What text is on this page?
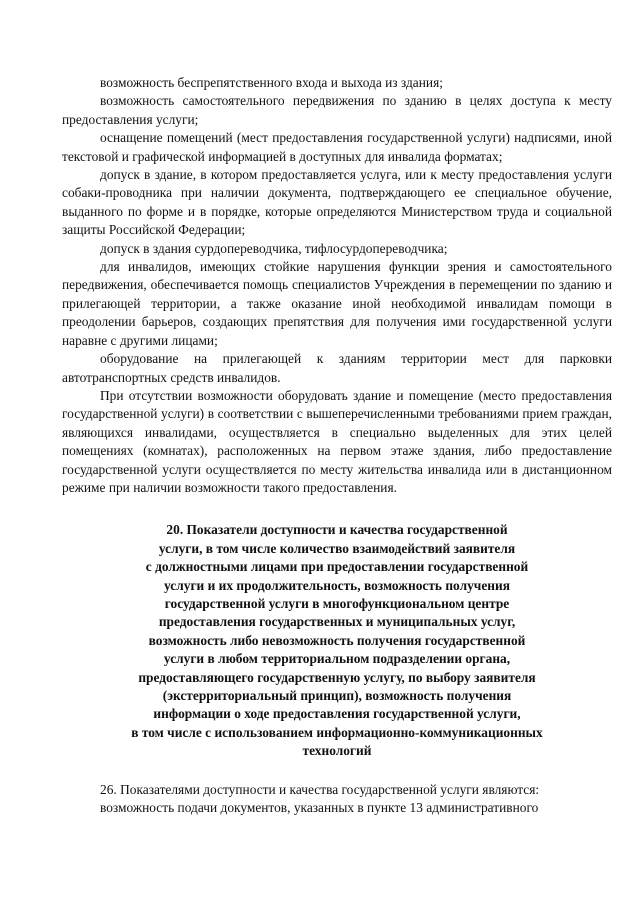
возможность беспрепятственного входа и выхода из здания;

возможность самостоятельного передвижения по зданию в целях доступа к месту предоставления услуги;

оснащение помещений (мест предоставления государственной услуги) надписями, иной текстовой и графической информацией в доступных для инвалида форматах;

допуск в здание, в котором предоставляется услуга, или к месту предоставления услуги собаки-проводника при наличии документа, подтверждающего ее специальное обучение, выданного по форме и в порядке, которые определяются Министерством труда и социальной защиты Российской Федерации;

допуск в здания сурдопереводчика, тифлосурдопереводчика;

для инвалидов, имеющих стойкие нарушения функции зрения и самостоятельного передвижения, обеспечивается помощь специалистов Учреждения в перемещении по зданию и прилегающей территории, а также оказание иной необходимой инвалидам помощи в преодолении барьеров, создающих препятствия для получения ими государственной услуги наравне с другими лицами;

оборудование на прилегающей к зданиям территории мест для парковки автотранспортных средств инвалидов.

При отсутствии возможности оборудовать здание и помещение (место предоставления государственной услуги) в соответствии с вышеперечисленными требованиями прием граждан, являющихся инвалидами, осуществляется в специально выделенных для этих целей помещениях (комнатах), расположенных на первом этаже здания, либо предоставление государственной услуги осуществляется по месту жительства инвалида или в дистанционном режиме при наличии возможности такого предоставления.

20. Показатели доступности и качества государственной
услуги, в том числе количество взаимодействий заявителя
с должностными лицами при предоставлении государственной
услуги и их продолжительность, возможность получения
государственной услуги в многофункциональном центре
предоставления государственных и муниципальных услуг,
возможность либо невозможность получения государственной
услуги в любом территориальном подразделении органа,
предоставляющего государственную услугу, по выбору заявителя
(экстерриториальный принцип), возможность получения
информации о ходе предоставления государственной услуги,
в том числе с использованием информационно-коммуникационных
технологий

26. Показателями доступности и качества государственной услуги являются:

возможность подачи документов, указанных в пункте 13 административного
